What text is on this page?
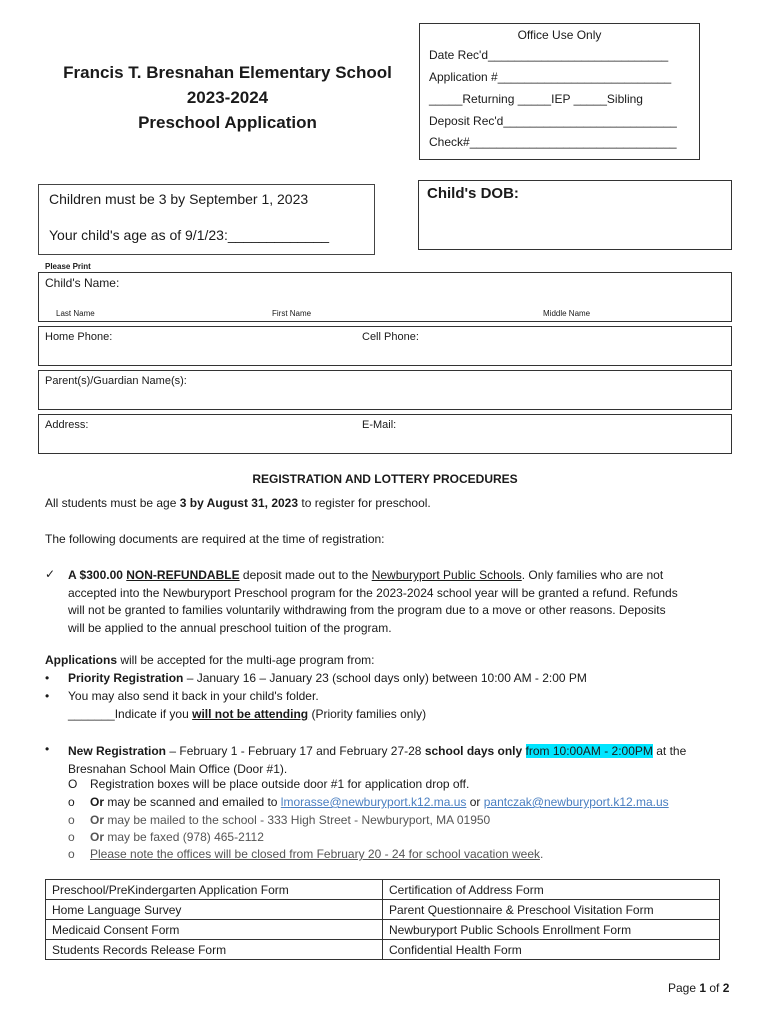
Francis T. Bresnahan Elementary School
2023-2024
Preschool Application
Office Use Only
Date Rec'd___________________________
Application #__________________________
_____Returning _____IEP _____Sibling
Deposit Rec'd__________________________
Check#_______________________________
Children must be 3 by September 1, 2023
Your child's age as of 9/1/23:_____________
Child's DOB:
Please Print
Child's Name:
Last Name	First Name	Middle Name
Home Phone:	Cell Phone:
Parent(s)/Guardian Name(s):
Address:	E-Mail:
REGISTRATION AND LOTTERY PROCEDURES
All students must be age 3 by August 31, 2023 to register for preschool.
The following documents are required at the time of registration:
✓ A $300.00 NON-REFUNDABLE deposit made out to the Newburyport Public Schools. Only families who are not
accepted into the Newburyport Preschool program for the 2023-2024 school year will be granted a refund. Refunds
will not be granted to families voluntarily withdrawing from the program due to a move or other reasons. Deposits
will be applied to the annual preschool tuition of the program.
Applications will be accepted for the multi-age program from:
• Priority Registration – January 16 – January 23 (school days only) between 10:00 AM - 2:00 PM
• You may also send it back in your child's folder.
_______Indicate if you will not be attending (Priority families only)
• New Registration – February 1 - February 17 and February 27-28 school days only from 10:00AM - 2:00PM at the
Bresnahan School Main Office (Door #1).
O Registration boxes will be place outside door #1 for application drop off.
o Or may be scanned and emailed to lmorasse@newburyport.k12.ma.us or pantczak@newburyport.k12.ma.us
o Or may be mailed to the school - 333 High Street - Newburyport, MA 01950
o Or may be faxed (978) 465-2112
o Please note the offices will be closed from February 20 - 24 for school vacation week.
Preschool/PreKindergarten Application Form	Certification of Address Form
Home Language Survey	Parent Questionnaire & Preschool Visitation Form
Medicaid Consent Form	Newburyport Public Schools Enrollment Form
Students Records Release Form	Confidential Health Form
Page 1 of 2
